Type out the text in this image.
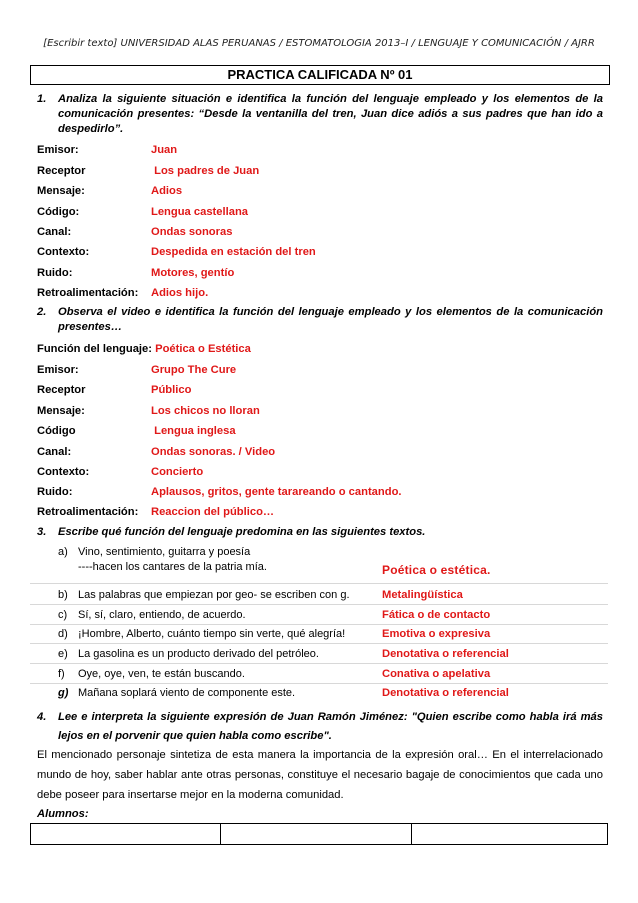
[Escribir texto] UNIVERSIDAD ALAS PERUANAS / ESTOMATOLOGIA 2013–I / LENGUAJE Y COMUNICACIÓN / AJRR
PRACTICA CALIFICADA Nº 01
1.	Analiza la siguiente situación e identifica la función del lenguaje empleado y los elementos de la comunicación presentes: “Desde la ventanilla del tren, Juan dice adiós a sus padres que han ido a despedirlo”.
Emisor:	Juan
Receptor	Los padres de Juan
Mensaje:	Adios
Código:	Lengua castellana
Canal:	Ondas sonoras
Contexto:	Despedida en estación del tren
Ruido:	Motores, gentío
Retroalimentación: Adios hijo.
2.	Observa el video e identifica la función del lenguaje empleado y los elementos de la comunicación presentes…
Función del lenguaje: Poética o Estética
Emisor:	Grupo The Cure
Receptor	Público
Mensaje:	Los chicos no lloran
Código	Lengua inglesa
Canal:	Ondas sonoras. / Video
Contexto:	Concierto
Ruido:	Aplausos, gritos, gente tarareando o cantando.
Retroalimentación: Reaccion del público…
3.	Escribe qué función del lenguaje predomina en las siguientes textos.
a) Vino, sentimiento, guitarra y poesía
----hacen los cantares de la patria mía.	Poética o estética.
b) Las palabras que empiezan por geo- se escriben con g.	Metalingüística
c) Sí, sí, claro, entiendo, de acuerdo.	Fática o de contacto
d) ¡Hombre, Alberto, cuánto tiempo sin verte, qué alegría!	Emotiva o expresiva
e) La gasolina es un producto derivado del petróleo.	Denotativa o referencial
f)	Oye, oye, ven, te están buscando.	Conativa o apelativa
g) Mañana soplará viento de componente este.	Denotativa o referencial
4.	Lee e interpreta la siguiente expresión de Juan Ramón Jiménez: "Quien escribe como habla irá más lejos en el porvenir que quien habla como escribe".
El mencionado personaje sintetiza de esta manera la importancia de la expresión oral… En el interrelacionado mundo de hoy, saber hablar ante otras personas, constituye el necesario bagaje de conocimientos que cada uno debe poseer para insertarse mejor en la moderna comunidad.
Alumnos:
